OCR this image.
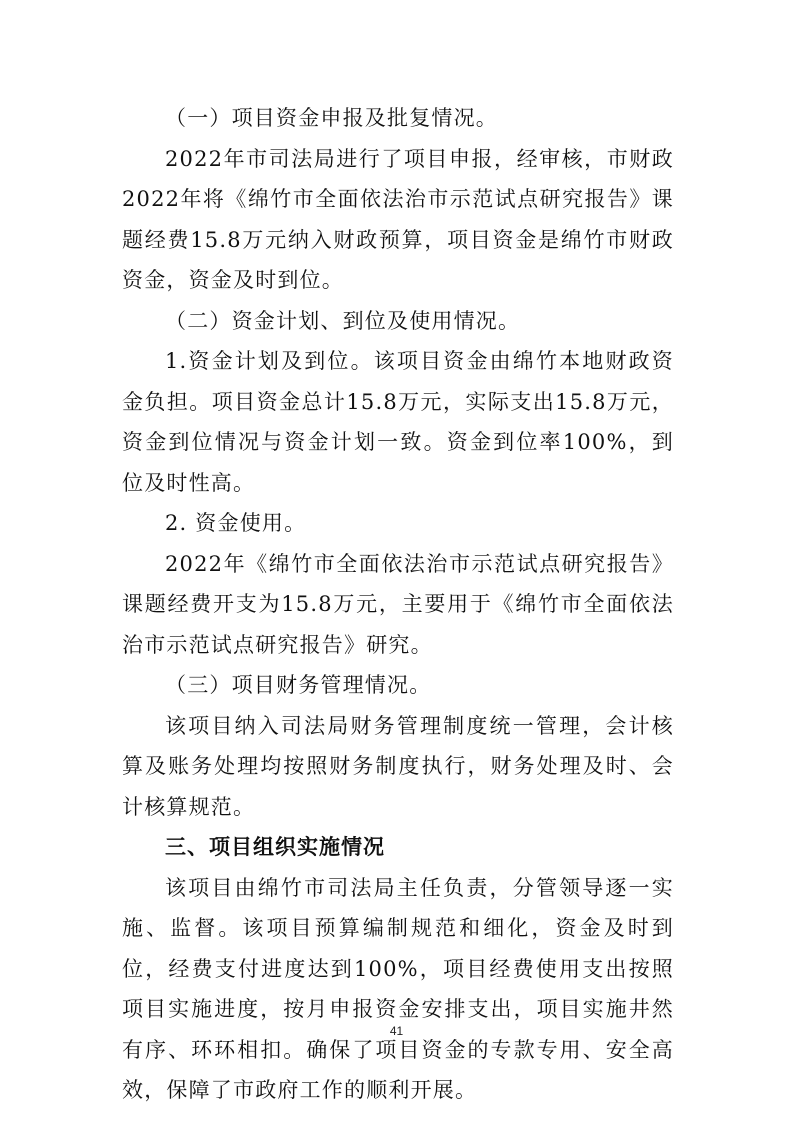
（一）项目资金申报及批复情况。

2022年市司法局进行了项目申报，经审核，市财政2022年将《绵竹市全面依法治市示范试点研究报告》课题经费15.8万元纳入财政预算，项目资金是绵竹市财政资金，资金及时到位。

（二）资金计划、到位及使用情况。

1.资金计划及到位。该项目资金由绵竹本地财政资金负担。项目资金总计15.8万元，实际支出15.8万元，资金到位情况与资金计划一致。资金到位率100%，到位及时性高。

2. 资金使用。

2022年《绵竹市全面依法治市示范试点研究报告》课题经费开支为15.8万元，主要用于《绵竹市全面依法治市示范试点研究报告》研究。

（三）项目财务管理情况。

该项目纳入司法局财务管理制度统一管理，会计核算及账务处理均按照财务制度执行，财务处理及时、会计核算规范。

三、项目组织实施情况

该项目由绵竹市司法局主任负责，分管领导逐一实施、监督。该项目预算编制规范和细化，资金及时到位，经费支付进度达到100%，项目经费使用支出按照项目实施进度，按月申报资金安排支出，项目实施井然有序、环环相扣。确保了项目资金的专款专用、安全高效，保障了市政府工作的顺利开展。

41
